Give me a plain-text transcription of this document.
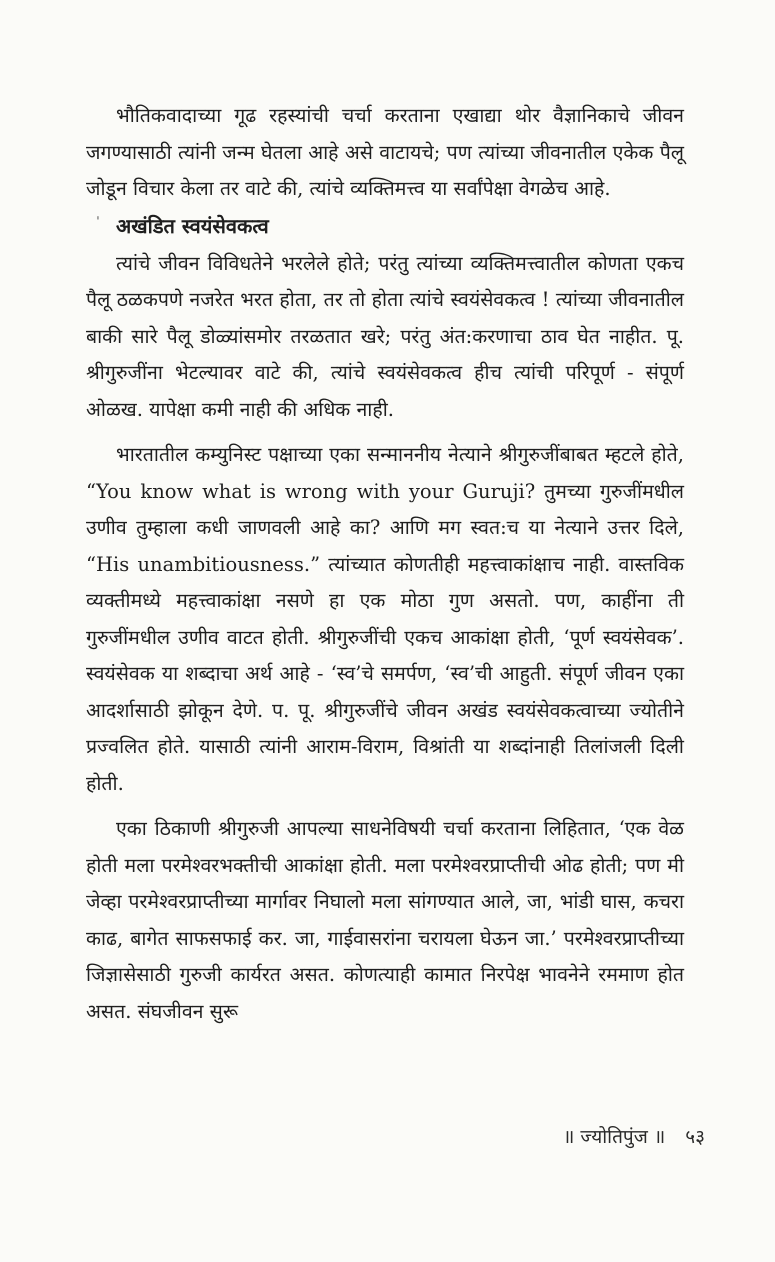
भौतिकवादाच्या गूढ रहस्यांची चर्चा करताना एखाद्या थोर वैज्ञानिकाचे जीवन जगण्यासाठी त्यांनी जन्म घेतला आहे असे वाटायचे; पण त्यांच्या जीवनातील एकेक पैलू जोडून विचार केला तर वाटे की, त्यांचे व्यक्तिमत्त्व या सर्वांपेक्षा वेगळेच आहे.

ˈ अखंडित स्वयंसेवकत्व

त्यांचे जीवन विविधतेने भरलेले होते; परंतु त्यांच्या व्यक्तिमत्त्वातील कोणता एकच पैलू ठळकपणे नजरेत भरत होता, तर तो होता त्यांचे स्वयंसेवकत्व ! त्यांच्या जीवनातील बाकी सारे पैलू डोळ्यांसमोर तरळतात खरे; परंतु अंत:करणाचा ठाव घेत नाहीत. पू. श्रीगुरुजींना भेटल्यावर वाटे की, त्यांचे स्वयंसेवकत्व हीच त्यांची परिपूर्ण - संपूर्ण ओळख. यापेक्षा कमी नाही की अधिक नाही.

भारतातील कम्युनिस्ट पक्षाच्या एका सन्माननीय नेत्याने श्रीगुरुजींबाबत म्हटले होते, “You know what is wrong with your Guruji? तुमच्या गुरुजींमधील उणीव तुम्हाला कधी जाणवली आहे का? आणि मग स्वत:च या नेत्याने उत्तर दिले, “His unambitiousness.” त्यांच्यात कोणतीही महत्त्वाकांक्षाच नाही. वास्तविक व्यक्तीमध्ये महत्त्वाकांक्षा नसणे हा एक मोठा गुण असतो. पण, काहींना ती गुरुजींमधील उणीव वाटत होती. श्रीगुरुजींची एकच आकांक्षा होती, ‘पूर्ण स्वयंसेवक’. स्वयंसेवक या शब्दाचा अर्थ आहे - ‘स्व’चे समर्पण, ‘स्व’ची आहुती. संपूर्ण जीवन एका आदर्शासाठी झोकून देणे. प. पू. श्रीगुरुजींचे जीवन अखंड स्वयंसेवकत्वाच्या ज्योतीने प्रज्वलित होते. यासाठी त्यांनी आराम-विराम, विश्रांती या शब्दांनाही तिलांजली दिली होती.

एका ठिकाणी श्रीगुरुजी आपल्या साधनेविषयी चर्चा करताना लिहितात, ‘एक वेळ होती मला परमेश्वरभक्तीची आकांक्षा होती. मला परमेश्वरप्राप्तीची ओढ होती; पण मी जेव्हा परमेश्वरप्राप्तीच्या मार्गावर निघालो मला सांगण्यात आले, जा, भांडी घास, कचरा काढ, बागेत साफसफाई कर. जा, गाईवासरांना चरायला घेऊन जा.’ परमेश्वरप्राप्तीच्या जिज्ञासेसाठी गुरुजी कार्यरत असत. कोणत्याही कामात निरपेक्ष भावनेने रममाण होत असत. संघजीवन सुरू

॥ ज्योतिपुंज ॥ ५३
